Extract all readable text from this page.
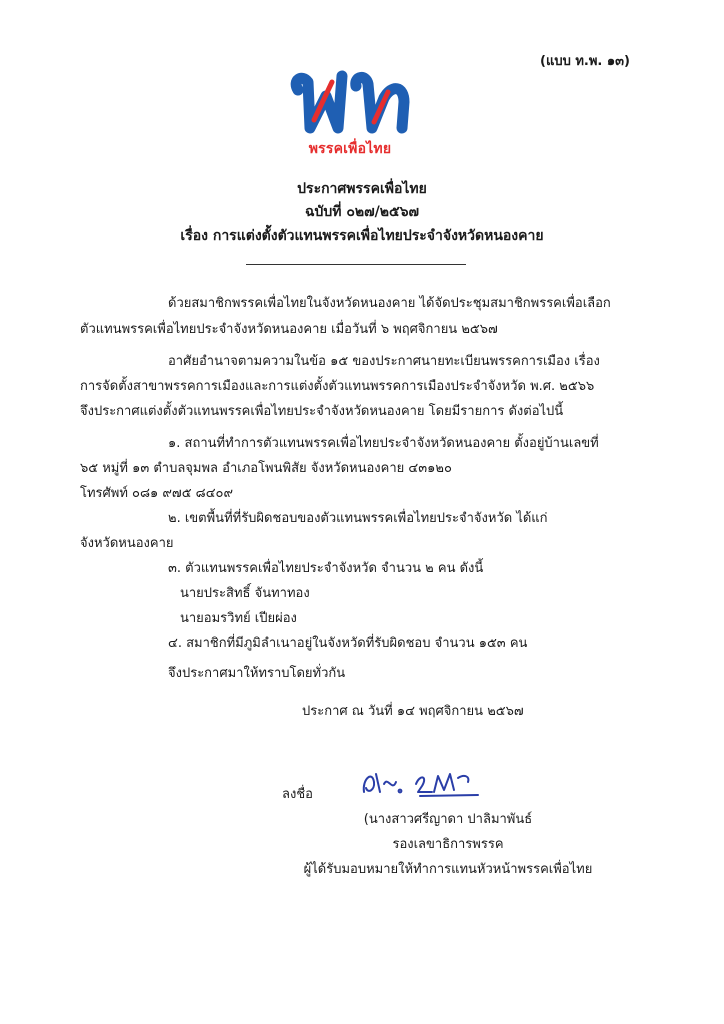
(แบบ ท.พ. ๑๓)
พรรคเพื่อไทย
ประกาศพรรคเพื่อไทย
ฉบับที่ ๐๒๗/๒๕๖๗
เรื่อง การแต่งตั้งตัวแทนพรรคเพื่อไทยประจำจังหวัดหนองคาย
ด้วยสมาชิกพรรคเพื่อไทยในจังหวัดหนองคาย ได้จัดประชุมสมาชิกพรรคเพื่อเลือก
ตัวแทนพรรคเพื่อไทยประจำจังหวัดหนองคาย เมื่อวันที่ ๖ พฤศจิกายน ๒๕๖๗
อาศัยอำนาจตามความในข้อ ๑๕ ของประกาศนายทะเบียนพรรคการเมือง เรื่อง
การจัดตั้งสาขาพรรคการเมืองและการแต่งตั้งตัวแทนพรรคการเมืองประจำจังหวัด พ.ศ. ๒๕๖๖
จึงประกาศแต่งตั้งตัวแทนพรรคเพื่อไทยประจำจังหวัดหนองคาย โดยมีรายการ ดังต่อไปนี้
๑. สถานที่ทำการตัวแทนพรรคเพื่อไทยประจำจังหวัดหนองคาย ตั้งอยู่บ้านเลขที่
๖๕ หมู่ที่ ๑๓ ตำบลจุมพล อำเภอโพนพิสัย จังหวัดหนองคาย ๔๓๑๒๐
โทรศัพท์ ๐๘๑ ๙๗๕ ๘๔๐๙
๒. เขตพื้นที่ที่รับผิดชอบของตัวแทนพรรคเพื่อไทยประจำจังหวัด ได้แก่
จังหวัดหนองคาย
๓. ตัวแทนพรรคเพื่อไทยประจำจังหวัด จำนวน ๒ คน ดังนี้
นายประสิทธิ์ จันทาทอง
นายอมรวิทย์ เปียผ่อง
๔. สมาชิกที่มีภูมิลำเนาอยู่ในจังหวัดที่รับผิดชอบ จำนวน ๑๕๓ คน
จึงประกาศมาให้ทราบโดยทั่วกัน
ประกาศ ณ วันที่ ๑๔ พฤศจิกายน ๒๕๖๗
ลงชื่อ
(นางสาวศรีญาดา ปาลิมาพันธ์
รองเลขาธิการพรรค
ผู้ได้รับมอบหมายให้ทำการแทนหัวหน้าพรรคเพื่อไทย
